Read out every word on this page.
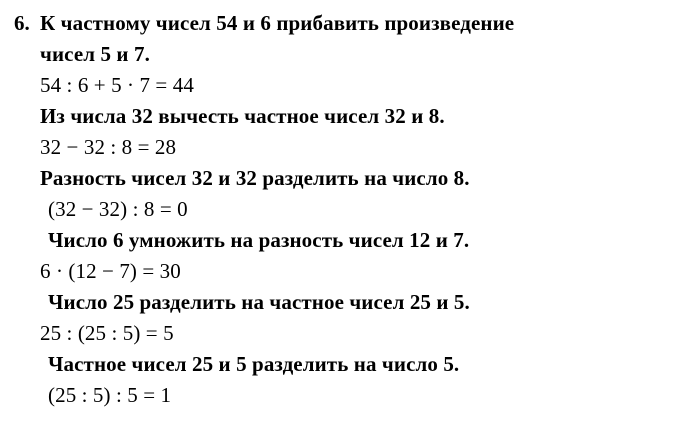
6. К частному чисел 54 и 6 прибавить произведение
чисел 5 и 7.
54 : 6 + 5 · 7 = 44
Из числа 32 вычесть частное чисел 32 и 8.
32 − 32 : 8 = 28
Разность чисел 32 и 32 разделить на число 8.
(32 − 32) : 8 = 0
Число 6 умножить на разность чисел 12 и 7.
6 · (12 − 7) = 30
Число 25 разделить на частное чисел 25 и 5.
25 : (25 : 5) = 5
Частное чисел 25 и 5 разделить на число 5.
(25 : 5) : 5 = 1
